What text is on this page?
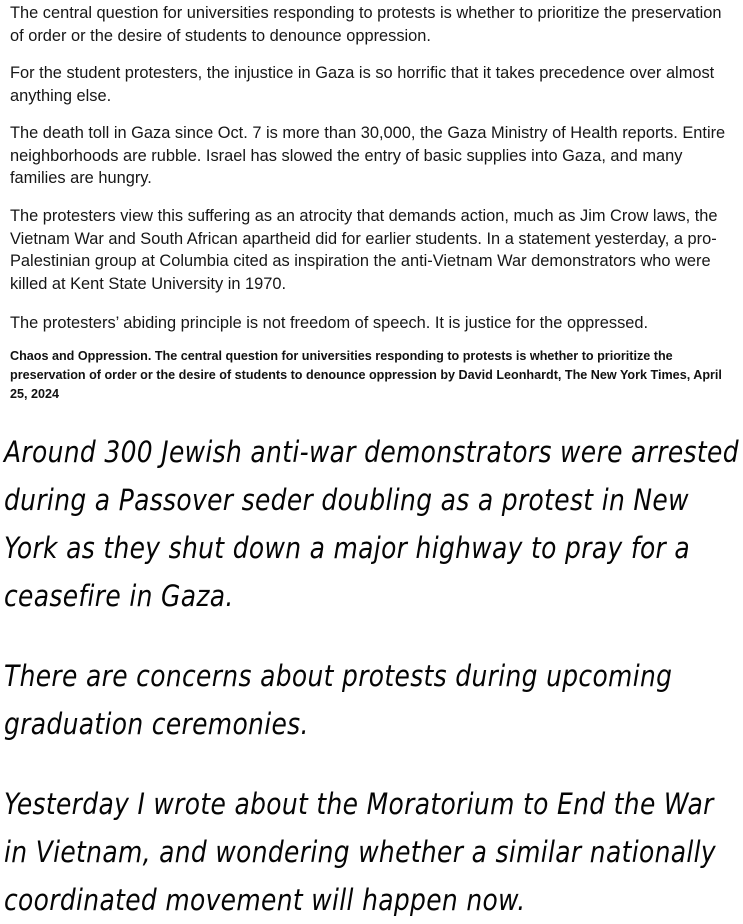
The central question for universities responding to protests is whether to prioritize the preservation of order or the desire of students to denounce oppression.

For the student protesters, the injustice in Gaza is so horrific that it takes precedence over almost anything else.

The death toll in Gaza since Oct. 7 is more than 30,000, the Gaza Ministry of Health reports. Entire neighborhoods are rubble. Israel has slowed the entry of basic supplies into Gaza, and many families are hungry.

The protesters view this suffering as an atrocity that demands action, much as Jim Crow laws, the Vietnam War and South African apartheid did for earlier students. In a statement yesterday, a pro-Palestinian group at Columbia cited as inspiration the anti-Vietnam War demonstrators who were killed at Kent State University in 1970.

The protesters’ abiding principle is not freedom of speech. It is justice for the oppressed.

Chaos and Oppression. The central question for universities responding to protests is whether to prioritize the preservation of order or the desire of students to denounce oppression by David Leonhardt, The New York Times, April 25, 2024

Around 300 Jewish anti-war demonstrators were arrested during a Passover seder doubling as a protest in New York as they shut down a major highway to pray for a ceasefire in Gaza.

There are concerns about protests during upcoming graduation ceremonies.

Yesterday I wrote about the Moratorium to End the War in Vietnam, and wondering whether a similar nationally coordinated movement will happen now.
